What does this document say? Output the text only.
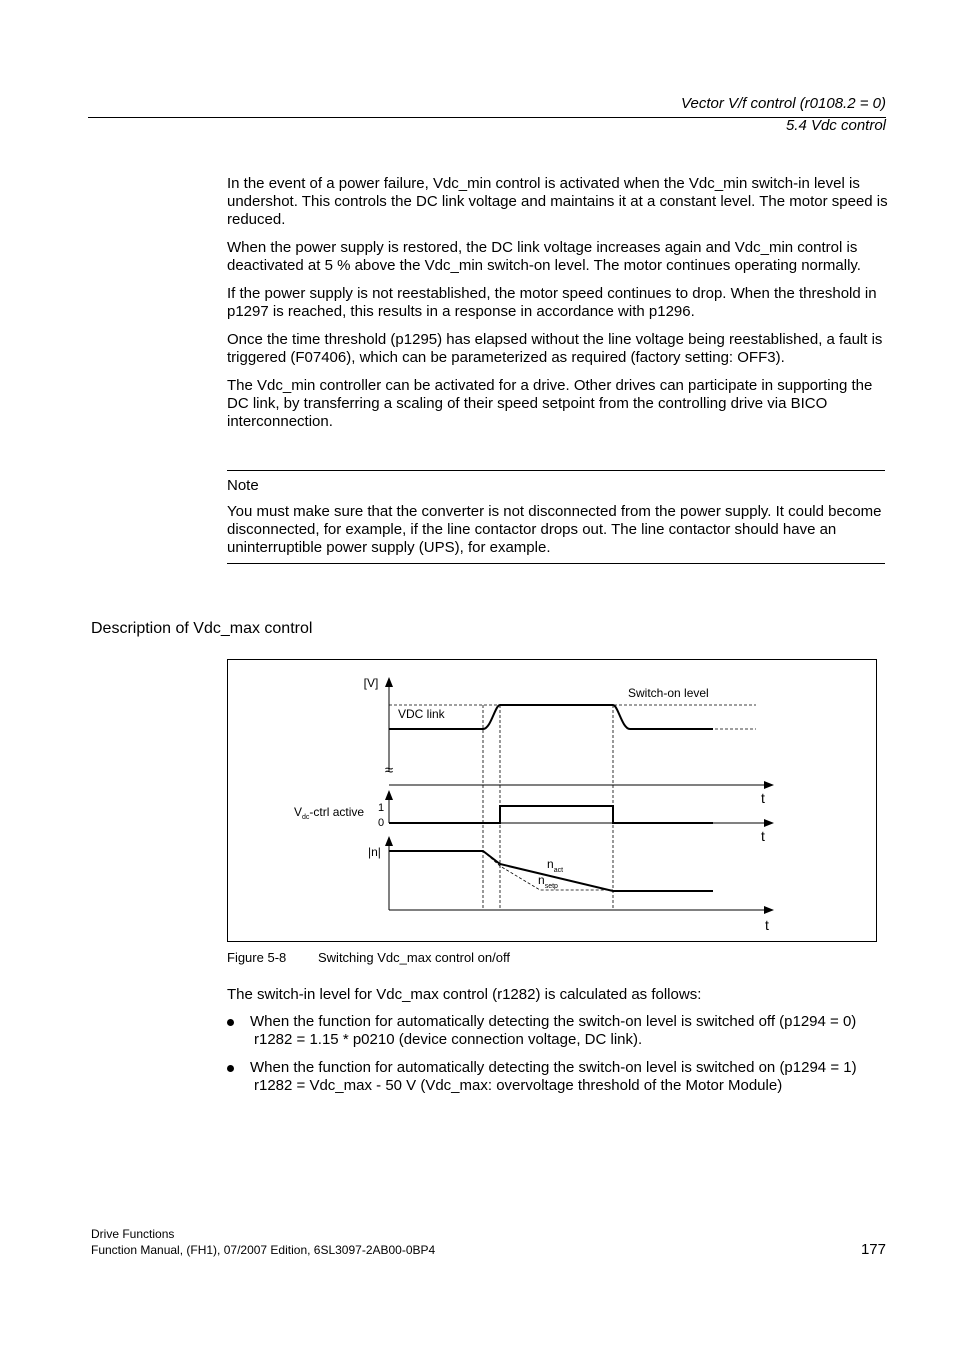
Vector V/f control (r0108.2 = 0)
5.4 Vdc control

In the event of a power failure, Vdc_min control is activated when the Vdc_min switch-in level is undershot. This controls the DC link voltage and maintains it at a constant level. The motor speed is reduced.

When the power supply is restored, the DC link voltage increases again and Vdc_min control is deactivated at 5 % above the Vdc_min switch-on level. The motor continues operating normally.

If the power supply is not reestablished, the motor speed continues to drop. When the threshold in p1297 is reached, this results in a response in accordance with p1296.

Once the time threshold (p1295) has elapsed without the line voltage being reestablished, a fault is triggered (F07406), which can be parameterized as required (factory setting: OFF3).

The Vdc_min controller can be activated for a drive. Other drives can participate in supporting the DC link, by transferring a scaling of their speed setpoint from the controlling drive via BICO interconnection.

Note

You must make sure that the converter is not disconnected from the power supply. It could become disconnected, for example, if the line contactor drops out. The line contactor should have an uninterruptible power supply (UPS), for example.

Description of Vdc_max control
≈
t
Switch-on level
[V]
VDC link
t
1
0
$V_{dc}$-ctrl active
t
|n|
$n_{act}$
$n_{setp}$
Figure 5-8 Switching Vdc_max control on/off
The switch-in level for Vdc_max control (r1282) is calculated as follows:
When the function for automatically detecting the switch-on level is switched off (p1294 = 0)
r1282 = 1.15 * p0210 (device connection voltage, DC link).
When the function for automatically detecting the switch-on level is switched on (p1294 = 1)
r1282 = Vdc_max - 50 V (Vdc_max: overvoltage threshold of the Motor Module)
Drive Functions
Function Manual, (FH1), 07/2007 Edition, 6SL3097-2AB00-0BP4	177
